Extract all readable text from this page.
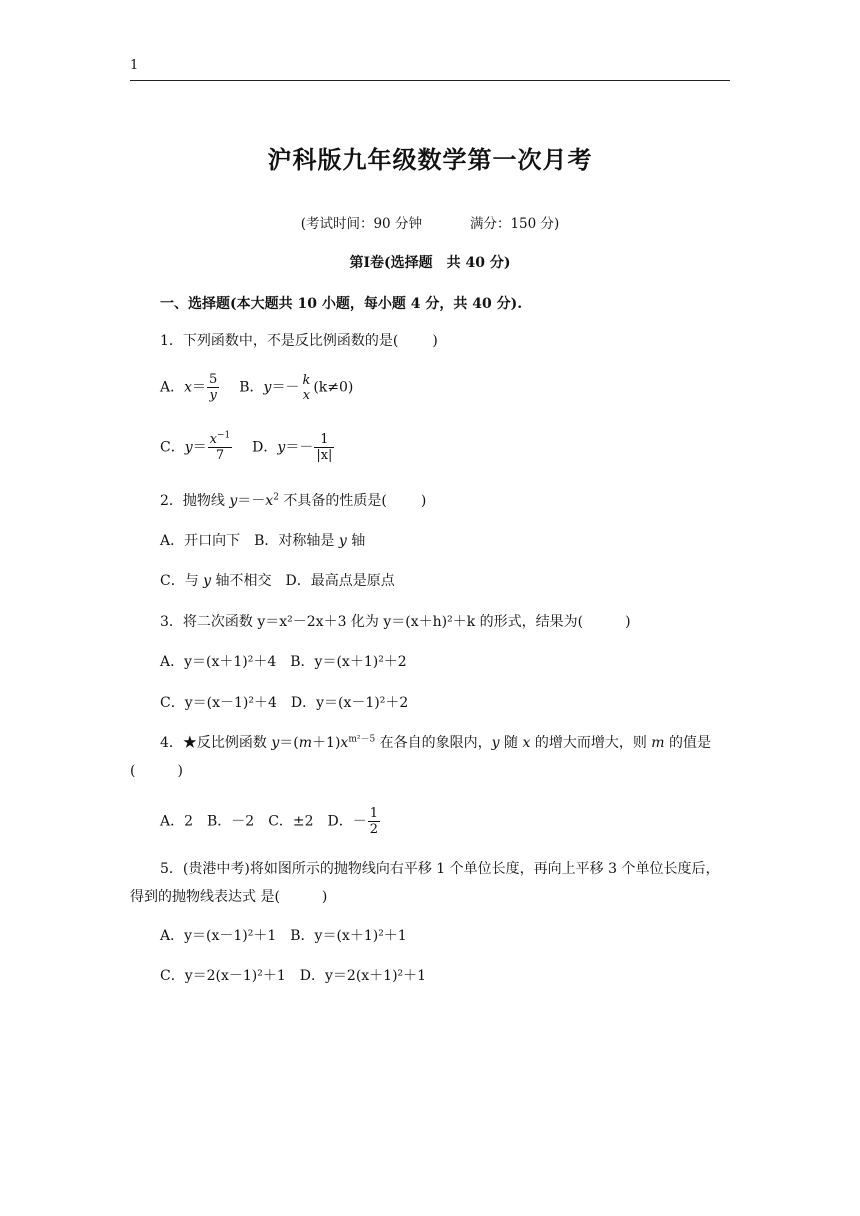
1
沪科版九年级数学第一次月考
(考试时间：90 分钟	满分：150 分)
第Ⅰ卷(选择题　共 40 分)
一、选择题(本大题共 10 小题，每小题 4 分，共 40 分).
1．下列函数中，不是反比例函数的是( )
A．$x= \frac{5}{y}$ B．y＝－ k
x (k≠0)
C．$y= \frac{x^{-1}}{7}$ D．$y=- \frac{1}{|x|}$
2．抛物线 $y=-x^2$ 不具备的性质是( )
A．开口向下　B．对称轴是 y 轴
C．与 y 轴不相交　D．最高点是原点
3．将二次函数 y＝x²－2x＋3 化为 y＝(x＋h)²＋k 的形式，结果为(　　　)
A．y＝(x＋1)²＋4　B．y＝(x＋1)²＋2
C．y＝(x－1)²＋4　D．y＝(x－1)²＋2
4．★反比例函数 $y=(m+1)x^{m^2-5}$ 在各自的象限内，y 随 x 的增大而增大，则 m 的值是
(　　　)
A．2　B．－2　C．±2　D．－ $\frac{1}{2}$
5．(贵港中考)将如图所示的抛物线向右平移 1 个单位长度，再向上平移 3 个单位长度后，得到的抛物线表达式 是(　　　)
A．y＝(x－1)²＋1　B．y＝(x＋1)²＋1
C．y＝2(x－1)²＋1　D．y＝2(x＋1)²＋1
